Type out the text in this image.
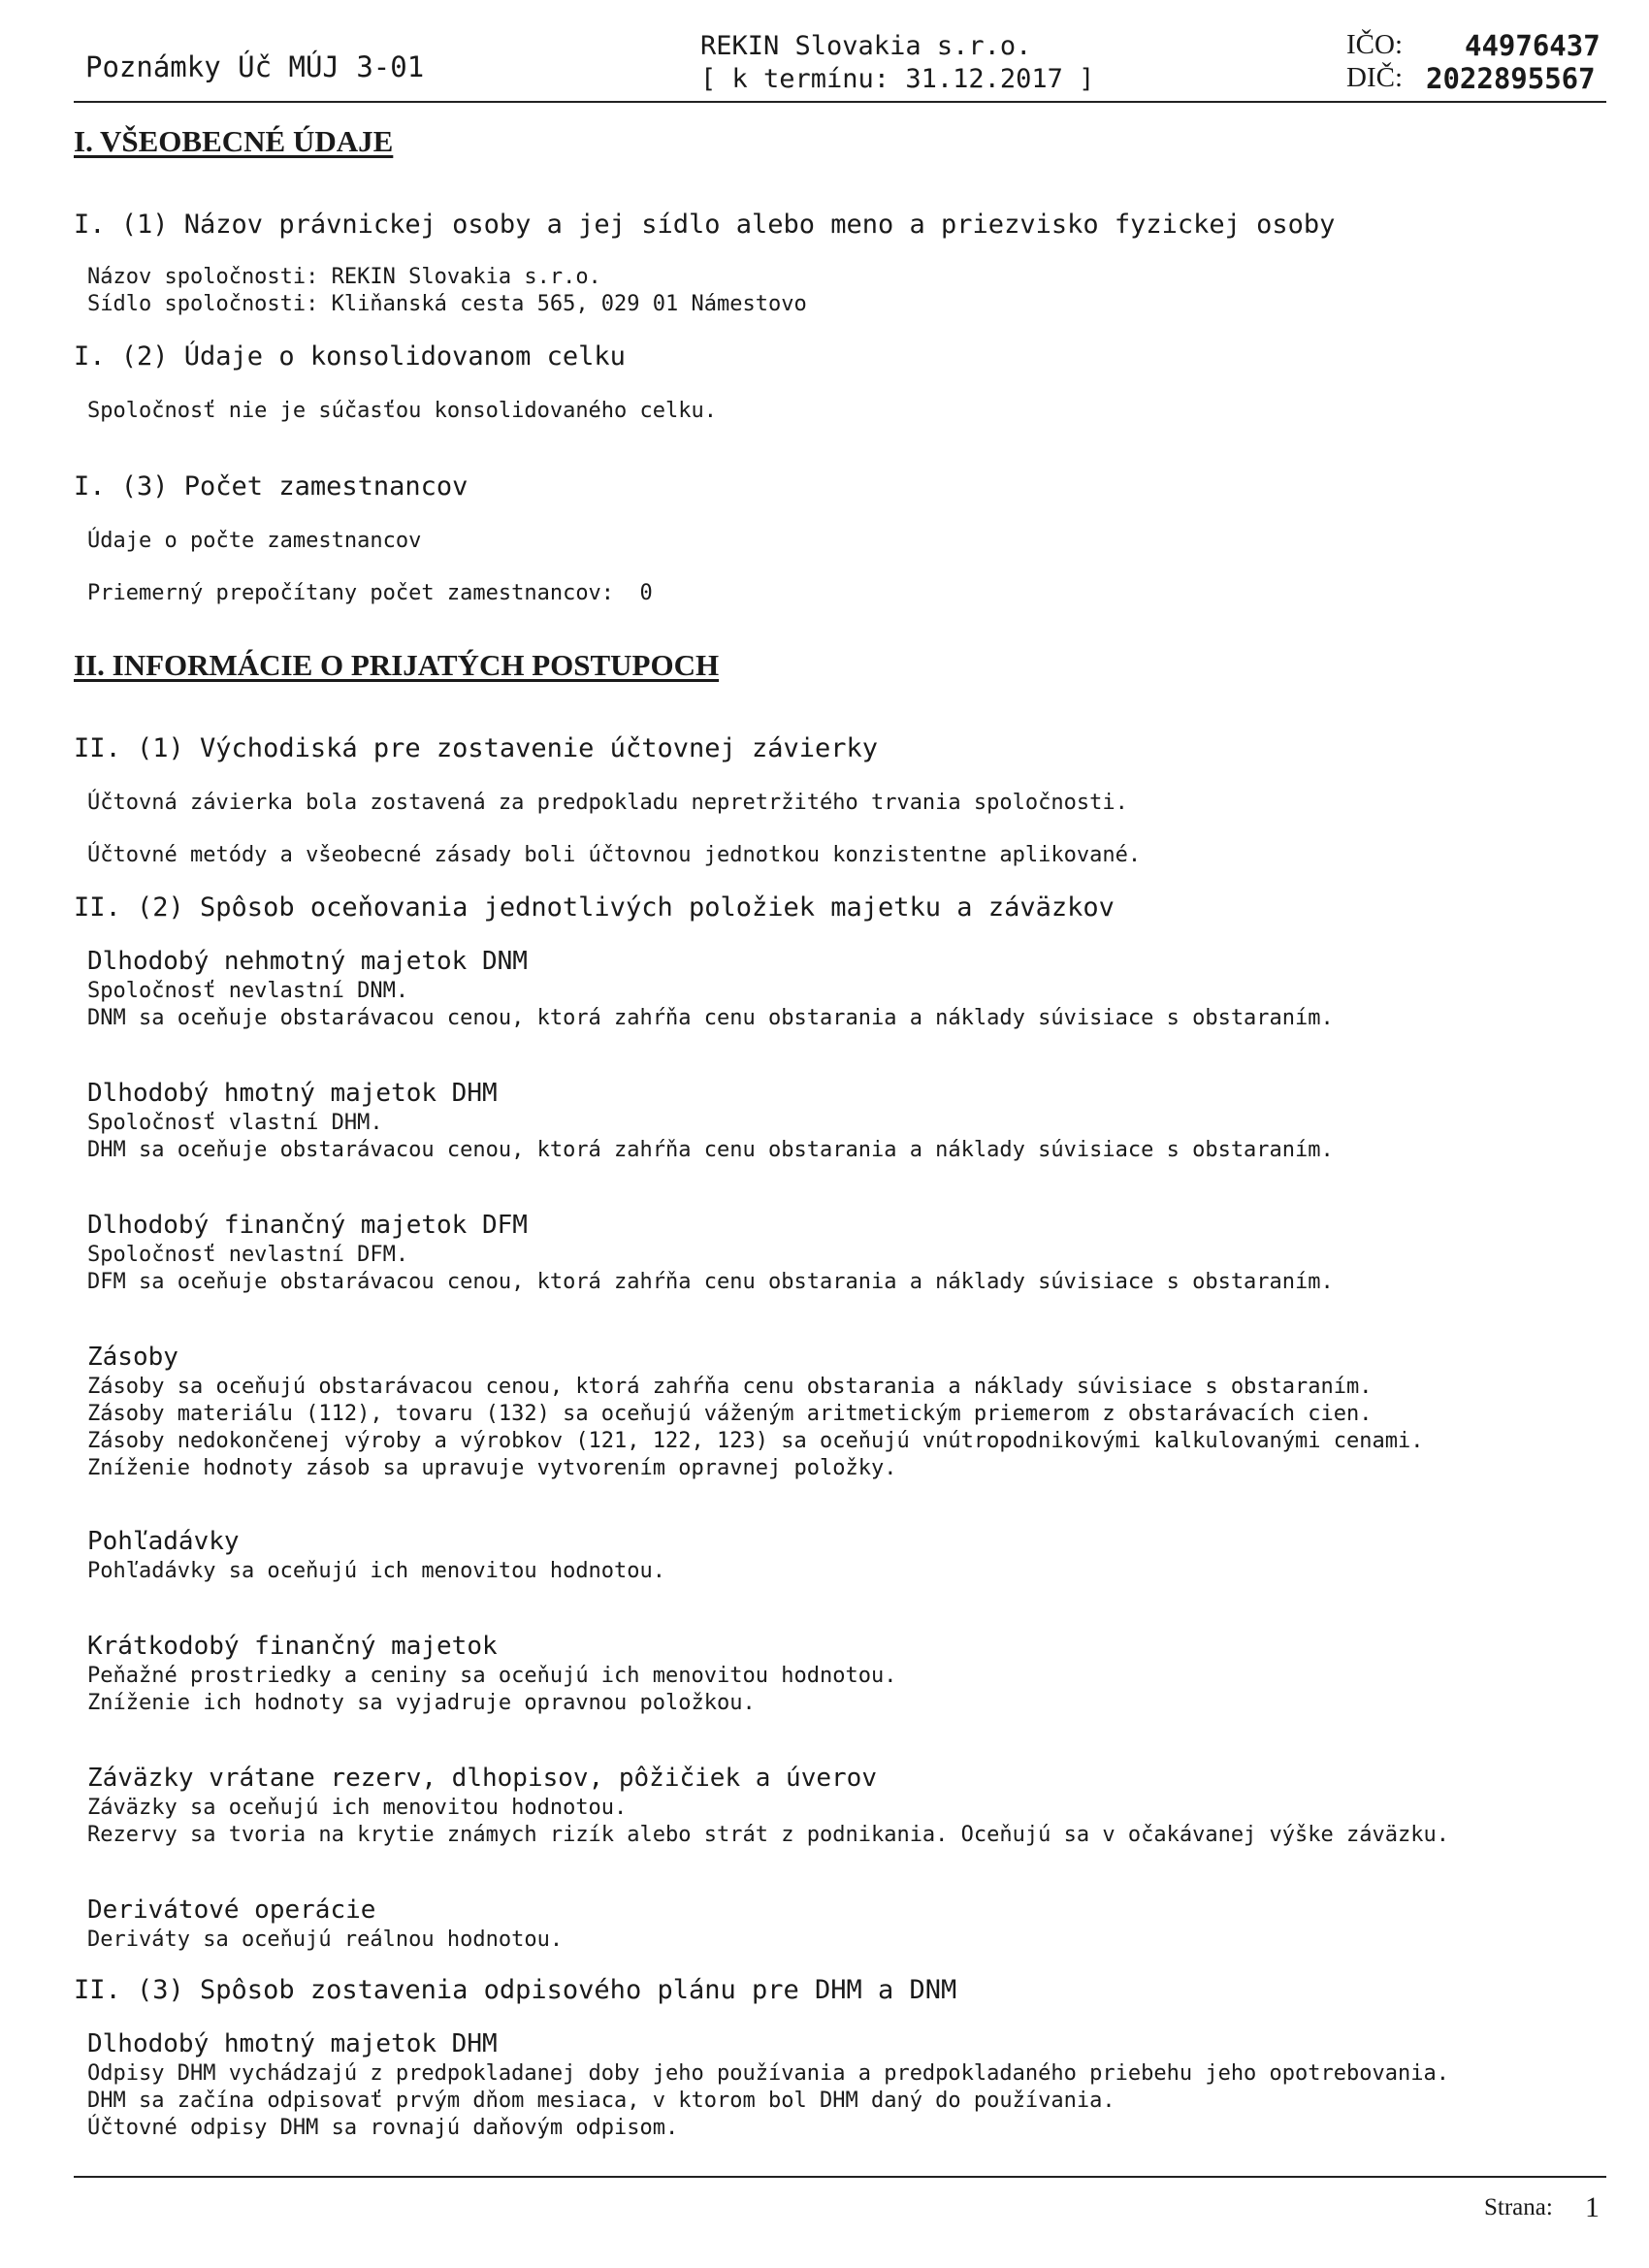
Poznámky Úč MÚJ 3-01
REKIN Slovakia s.r.o.
[ k termínu: 31.12.2017 ]
IČO: 44976437
DIČ: 2022895567
I. VŠEOBECNÉ ÚDAJE
I. (1) Názov právnickej osoby a jej sídlo alebo meno a priezvisko fyzickej osoby
Názov spoločnosti: REKIN Slovakia s.r.o.
Sídlo spoločnosti: Kliňanská cesta 565, 029 01 Námestovo
I. (2) Údaje o konsolidovanom celku
Spoločnosť nie je súčasťou konsolidovaného celku.
I. (3) Počet zamestnancov
Údaje o počte zamestnancov
Priemerný prepočítany počet zamestnancov:  0
II. INFORMÁCIE O PRIJATÝCH POSTUPOCH
II. (1) Východiská pre zostavenie účtovnej závierky
Účtovná závierka bola zostavená za predpokladu nepretržitého trvania spoločnosti.
Účtovné metódy a všeobecné zásady boli účtovnou jednotkou konzistentne aplikované.
II. (2) Spôsob oceňovania jednotlivých položiek majetku a záväzkov
Dlhodobý nehmotný majetok DNM
Spoločnosť nevlastní DNM.
DNM sa oceňuje obstarávacou cenou, ktorá zahŕňa cenu obstarania a náklady súvisiace s obstaraním.
Dlhodobý hmotný majetok DHM
Spoločnosť vlastní DHM.
DHM sa oceňuje obstarávacou cenou, ktorá zahŕňa cenu obstarania a náklady súvisiace s obstaraním.
Dlhodobý finančný majetok DFM
Spoločnosť nevlastní DFM.
DFM sa oceňuje obstarávacou cenou, ktorá zahŕňa cenu obstarania a náklady súvisiace s obstaraním.
Zásoby
Zásoby sa oceňujú obstarávacou cenou, ktorá zahŕňa cenu obstarania a náklady súvisiace s obstaraním.
Zásoby materiálu (112), tovaru (132) sa oceňujú váženým aritmetickým priemerom z obstarávacích cien.
Zásoby nedokončenej výroby a výrobkov (121, 122, 123) sa oceňujú vnútropodnikovými kalkulovanými cenami.
Zníženie hodnoty zásob sa upravuje vytvorením opravnej položky.
Pohľadávky
Pohľadávky sa oceňujú ich menovitou hodnotou.
Krátkodobý finančný majetok
Peňažné prostriedky a ceniny sa oceňujú ich menovitou hodnotou.
Zníženie ich hodnoty sa vyjadruje opravnou položkou.
Záväzky vrátane rezerv, dlhopisov, pôžičiek a úverov
Záväzky sa oceňujú ich menovitou hodnotou.
Rezervy sa tvoria na krytie známych rizík alebo strát z podnikania. Oceňujú sa v očakávanej výške záväzku.
Derivátové operácie
Deriváty sa oceňujú reálnou hodnotou.
II. (3) Spôsob zostavenia odpisového plánu pre DHM a DNM
Dlhodobý hmotný majetok DHM
Odpisy DHM vychádzajú z predpokladanej doby jeho používania a predpokladaného priebehu jeho opotrebovania.
DHM sa začína odpisovať prvým dňom mesiaca, v ktorom bol DHM daný do používania.
Účtovné odpisy DHM sa rovnajú daňovým odpisom.
Strana: 1
